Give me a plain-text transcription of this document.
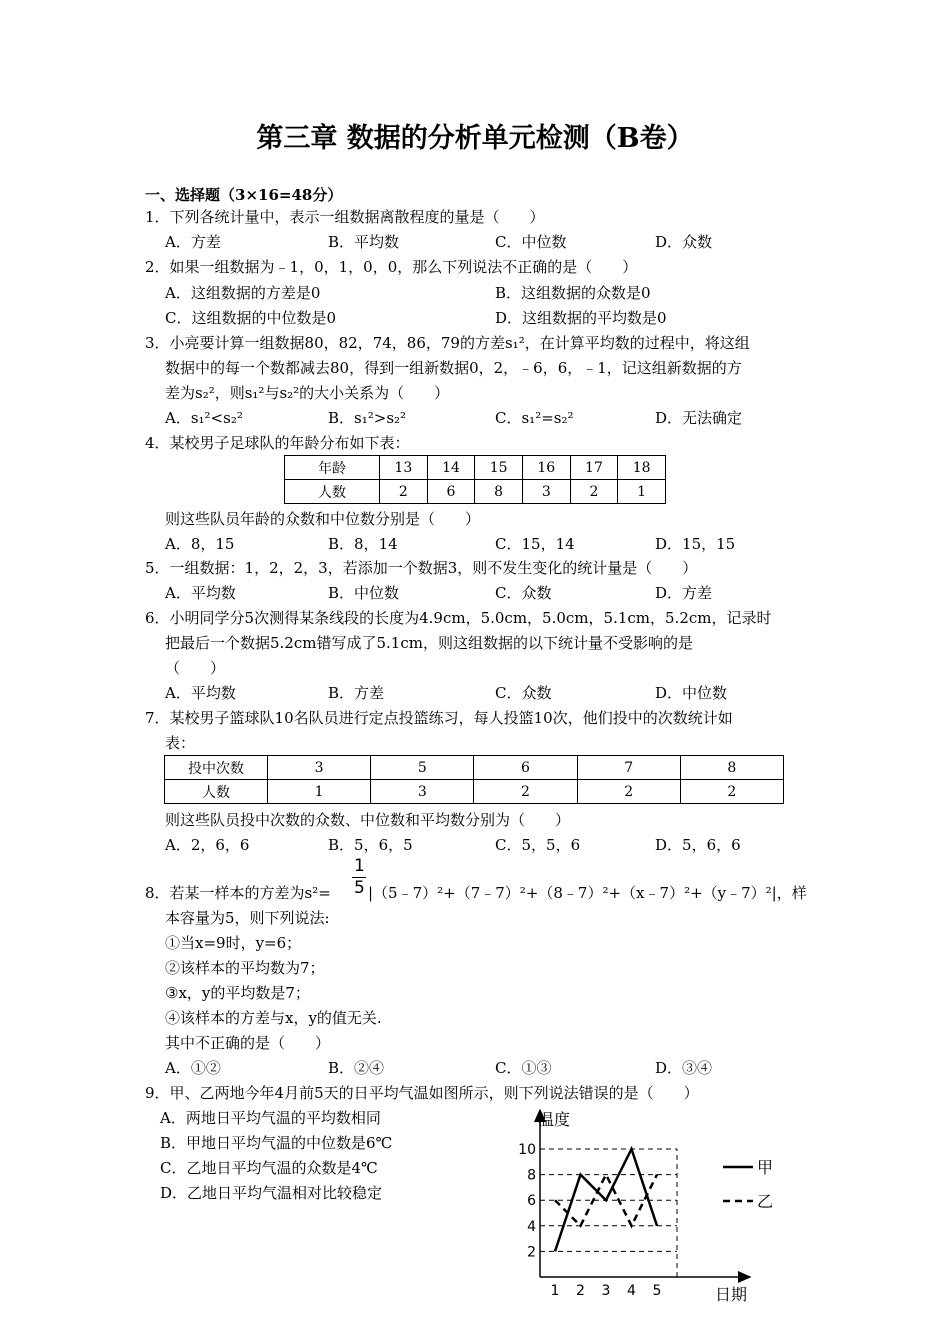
第三章 数据的分析单元检测（B卷）
一、选择题（3×16=48分）
1．下列各统计量中，表示一组数据离散程度的量是（　　）
A．方差	B．平均数	C．中位数	D．众数
2．如果一组数据为﹣1，0，1，0，0，那么下列说法不正确的是（　　）
A．这组数据的方差是0	B．这组数据的众数是0
C．这组数据的中位数是0	D．这组数据的平均数是0
3．小亮要计算一组数据80，82，74，86，79的方差s₁²，在计算平均数的过程中，将这组
数据中的每一个数都减去80，得到一组新数据0，2，﹣6，6，﹣1，记这组新数据的方
差为s₂²，则s₁²与s₂²的大小关系为（　　）
A．s₁²<s₂²	B．s₁²>s₂²	C．s₁²=s₂²	D．无法确定
4．某校男子足球队的年龄分布如下表：
年龄	13	14	15	16	17	18
人数	2	6	8	3	2	1
则这些队员年龄的众数和中位数分别是（　　）
A．8，15	B．8，14	C．15，14	D．15，15
5．一组数据：1，2，2，3，若添加一个数据3，则不发生变化的统计量是（　　）
A．平均数	B．中位数	C．众数	D．方差
6．小明同学分5次测得某条线段的长度为4.9cm，5.0cm，5.0cm，5.1cm，5.2cm，记录时
把最后一个数据5.2cm错写成了5.1cm，则这组数据的以下统计量不受影响的是
（　　）
A．平均数	B．方差	C．众数	D．中位数
7．某校男子篮球队10名队员进行定点投篮练习，每人投篮10次，他们投中的次数统计如
表：
投中次数	3	5	6	7	8
人数	1	3	2	2	2
则这些队员投中次数的众数、中位数和平均数分别为（　　）
A．2，6，6	B．5，6，5	C．5，5，6	D．5，6，6
1
5
8．若某一样本的方差为s²= |（5﹣7）²+（7﹣7）²+（8﹣7）²+（x﹣7）²+（y﹣7）²|，样
本容量为5，则下列说法:
①当x=9时，y=6；
②该样本的平均数为7；
③x，y的平均数是7；
④该样本的方差与x，y的值无关.
其中不正确的是（　　）
A．①②	B．②④	C．①③	D．③④
9．甲、乙两地今年4月前5天的日平均气温如图所示，则下列说法错误的是（　　）
A．两地日平均气温的平均数相同
B．甲地日平均气温的中位数是6℃
C．乙地日平均气温的众数是4℃
D．乙地日平均气温相对比较稳定
温度
日期
2
4
6
8
10
1 2 3 4 5
甲
乙
